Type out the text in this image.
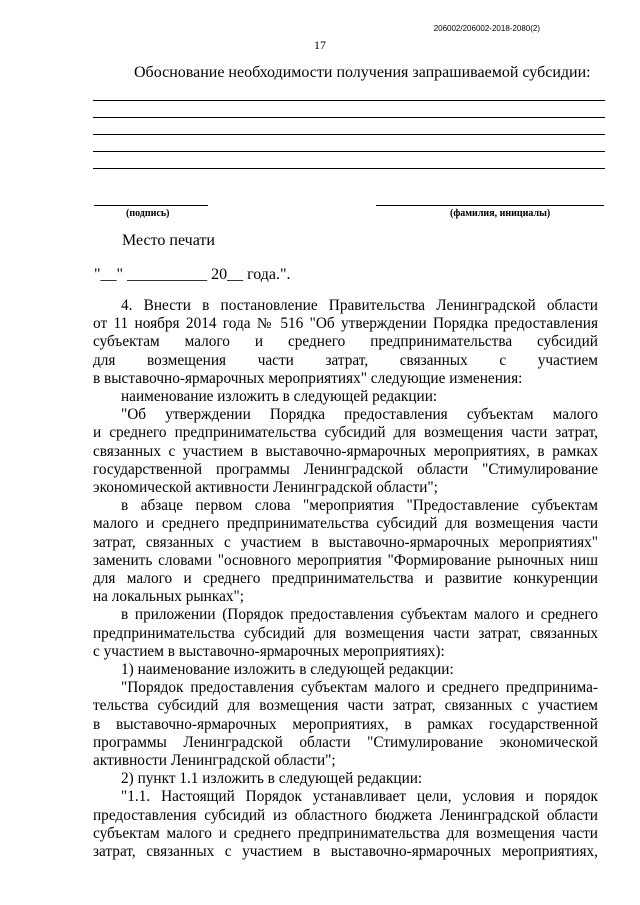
206002/206002-2018-2080(2)
17
Обоснование необходимости получения запрашиваемой субсидии:
(подпись)	(фамилия, инициалы)
Место печати
"__" __________ 20__ года.".
4. Внести в постановление Правительства Ленинградской области
от 11 ноября 2014 года № 516 "Об утверждении Порядка предоставления
субъектам малого и среднего предпринимательства субсидий
для возмещения части затрат, связанных с участием
в выставочно-ярмарочных мероприятиях" следующие изменения:
наименование изложить в следующей редакции:
"Об утверждении Порядка предоставления субъектам малого
и среднего предпринимательства субсидий для возмещения части затрат,
связанных с участием в выставочно-ярмарочных мероприятиях, в рамках
государственной программы Ленинградской области "Стимулирование
экономической активности Ленинградской области";
в абзаце первом слова "мероприятия "Предоставление субъектам
малого и среднего предпринимательства субсидий для возмещения части
затрат, связанных с участием в выставочно-ярмарочных мероприятиях"
заменить словами "основного мероприятия "Формирование рыночных ниш
для малого и среднего предпринимательства и развитие конкуренции
на локальных рынках";
в приложении (Порядок предоставления субъектам малого и среднего
предпринимательства субсидий для возмещения части затрат, связанных
с участием в выставочно-ярмарочных мероприятиях):
1) наименование изложить в следующей редакции:
"Порядок предоставления субъектам малого и среднего предпринима-
тельства субсидий для возмещения части затрат, связанных с участием
в выставочно-ярмарочных мероприятиях, в рамках государственной
программы Ленинградской области "Стимулирование экономической
активности Ленинградской области";
2) пункт 1.1 изложить в следующей редакции:
"1.1. Настоящий Порядок устанавливает цели, условия и порядок
предоставления субсидий из областного бюджета Ленинградской области
субъектам малого и среднего предпринимательства для возмещения части
затрат, связанных с участием в выставочно-ярмарочных мероприятиях,
